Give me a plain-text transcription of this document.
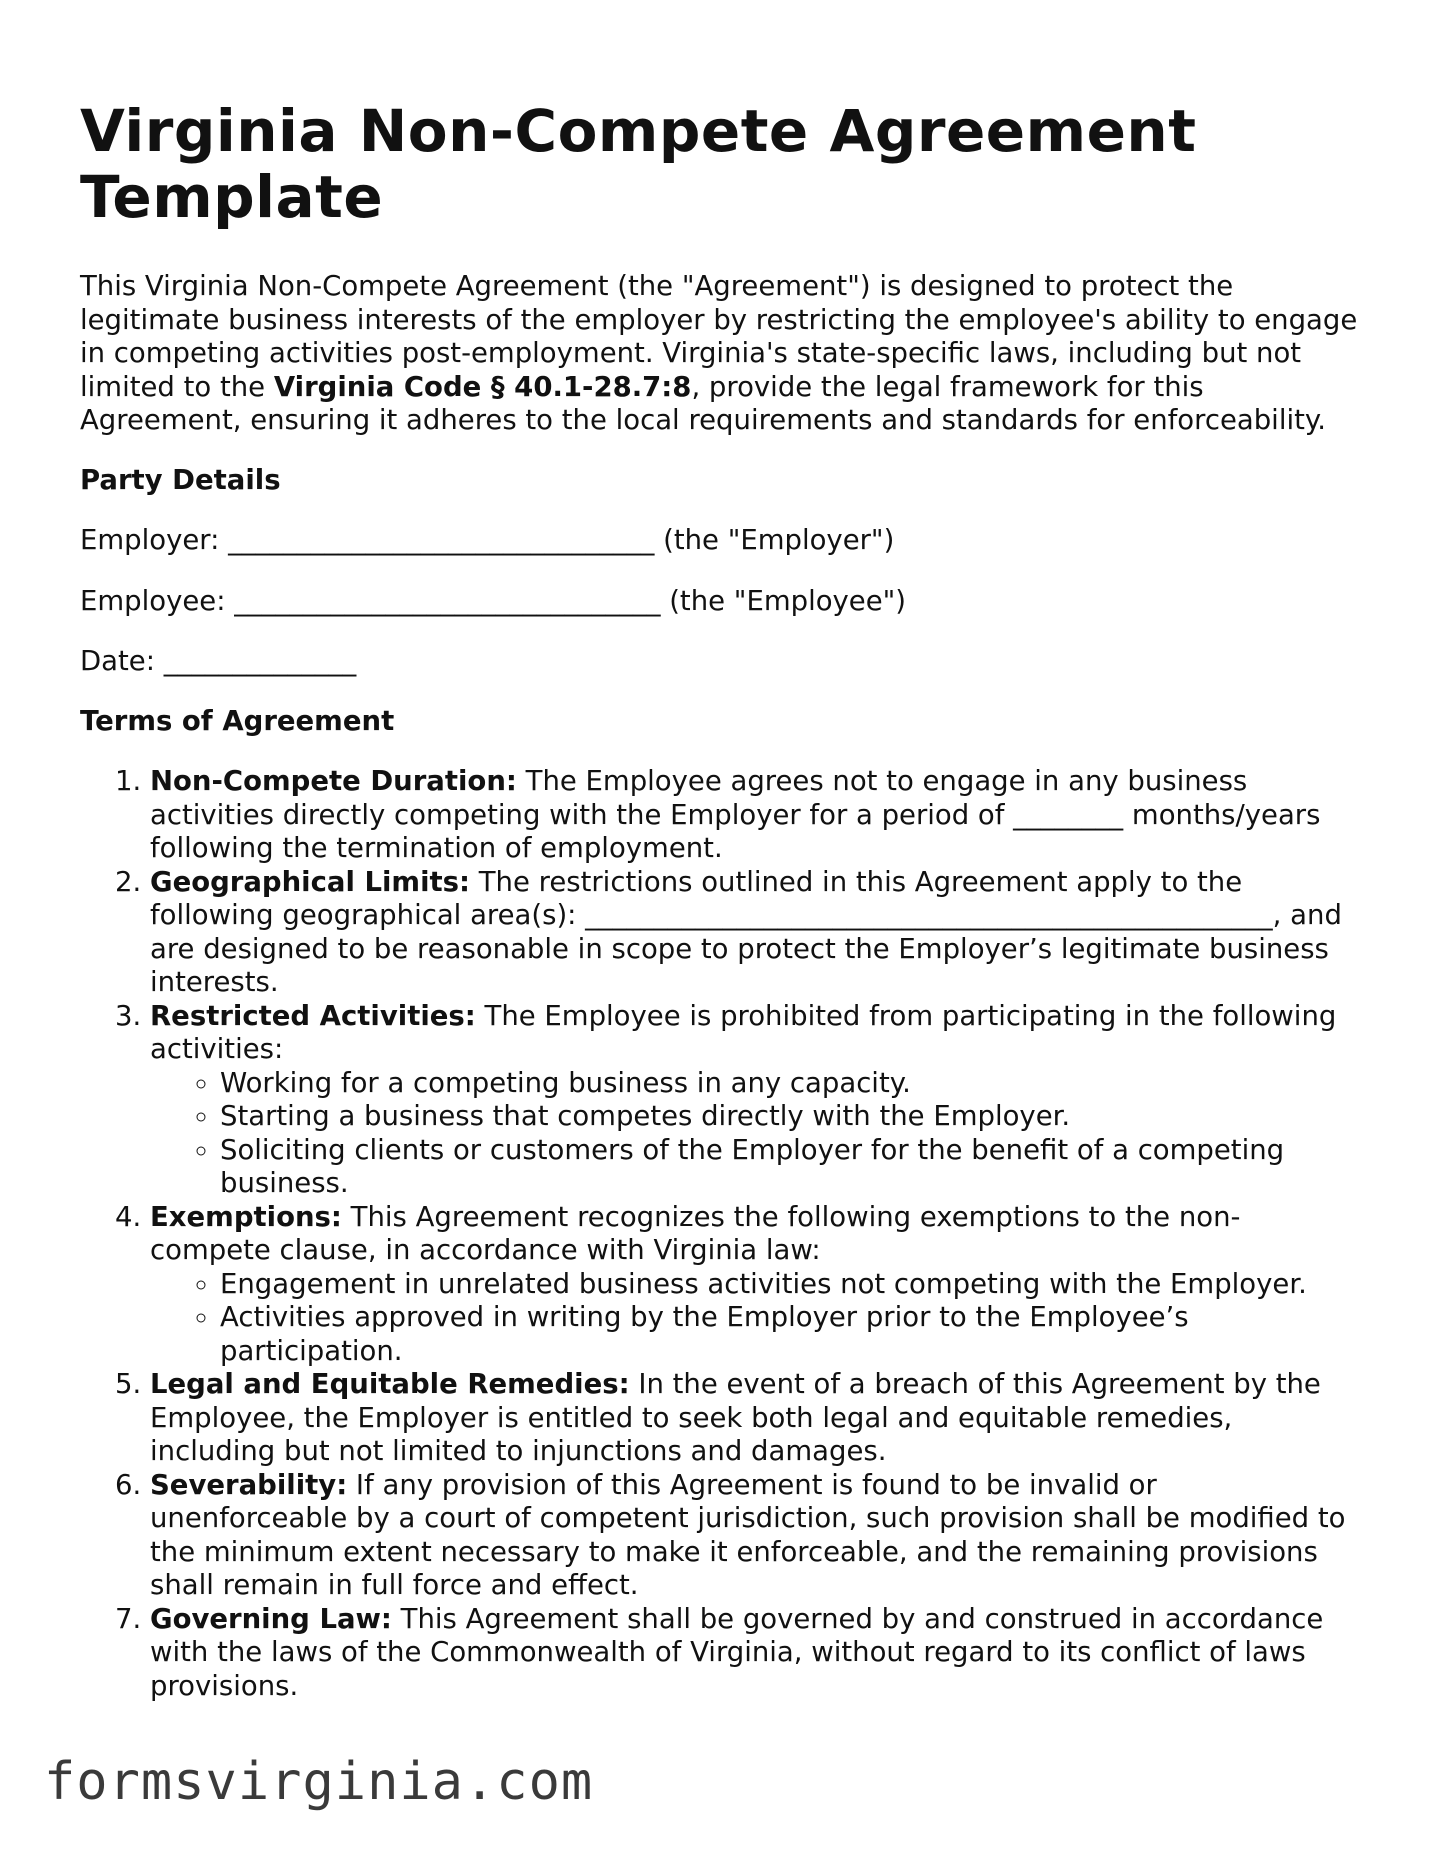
Virginia Non-Compete Agreement Template

This Virginia Non-Compete Agreement (the "Agreement") is designed to protect the legitimate business interests of the employer by restricting the employee's ability to engage in competing activities post-employment. Virginia's state-specific laws, including but not limited to the Virginia Code § 40.1-28.7:8, provide the legal framework for this Agreement, ensuring it adheres to the local requirements and standards for enforceability.

Party Details

Employer: _______________________________ (the "Employer")

Employee: _______________________________ (the "Employee")

Date: ______________

Terms of Agreement

1. Non-Compete Duration: The Employee agrees not to engage in any business activities directly competing with the Employer for a period of ________ months/years following the termination of employment.
2. Geographical Limits: The restrictions outlined in this Agreement apply to the following geographical area(s): __________________________________________________, and are designed to be reasonable in scope to protect the Employer’s legitimate business interests.
3. Restricted Activities: The Employee is prohibited from participating in the following activities:
◦ Working for a competing business in any capacity.
◦ Starting a business that competes directly with the Employer.
◦ Soliciting clients or customers of the Employer for the benefit of a competing business.
4. Exemptions: This Agreement recognizes the following exemptions to the non-compete clause, in accordance with Virginia law:
◦ Engagement in unrelated business activities not competing with the Employer.
◦ Activities approved in writing by the Employer prior to the Employee’s participation.
5. Legal and Equitable Remedies: In the event of a breach of this Agreement by the Employee, the Employer is entitled to seek both legal and equitable remedies, including but not limited to injunctions and damages.
6. Severability: If any provision of this Agreement is found to be invalid or unenforceable by a court of competent jurisdiction, such provision shall be modified to the minimum extent necessary to make it enforceable, and the remaining provisions shall remain in full force and effect.
7. Governing Law: This Agreement shall be governed by and construed in accordance with the laws of the Commonwealth of Virginia, without regard to its conflict of laws provisions.
formsvirginia.com
